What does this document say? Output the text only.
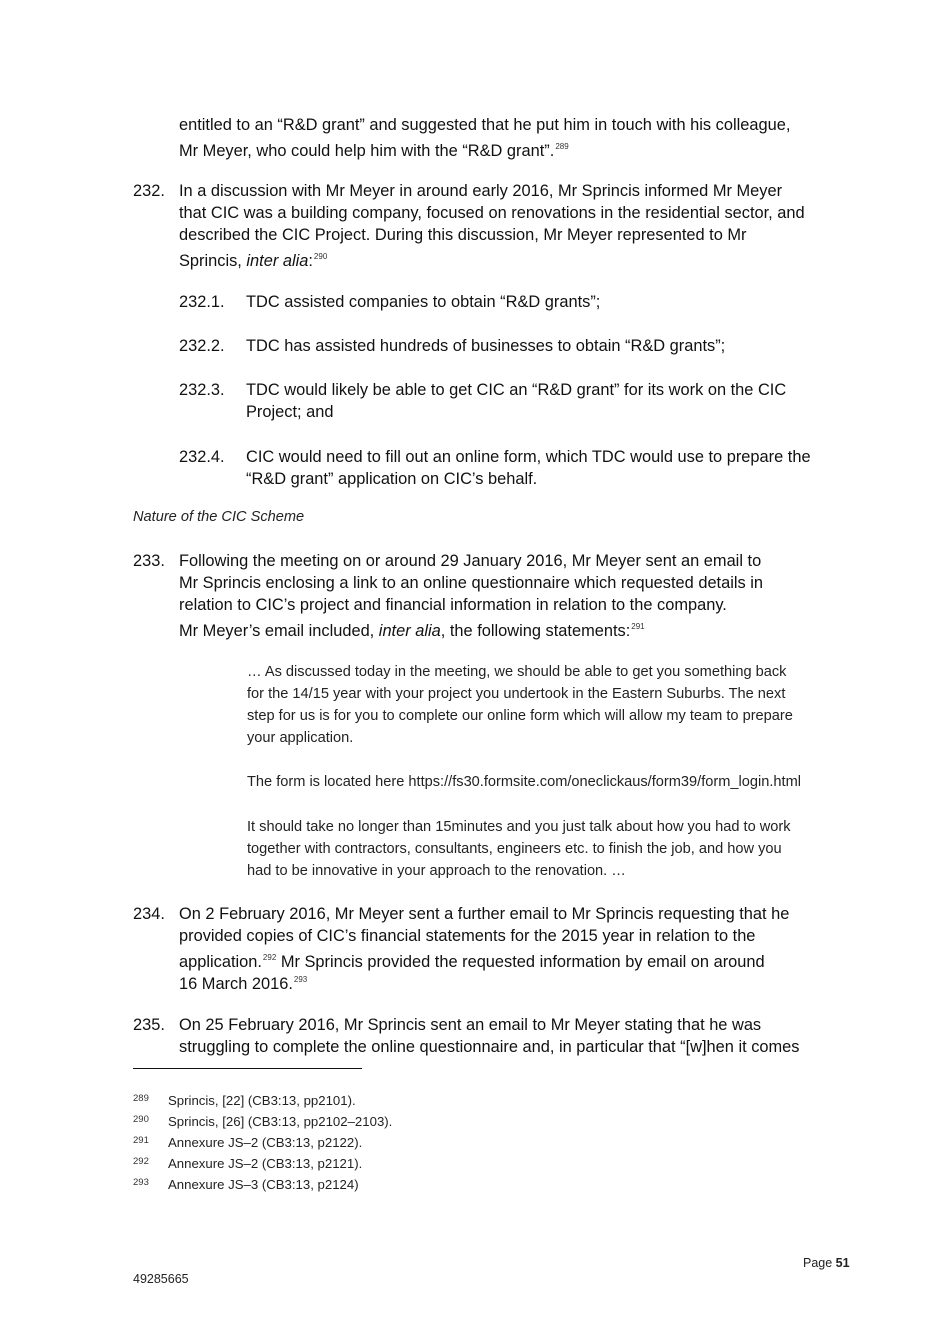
entitled to an “R&D grant” and suggested that he put him in touch with his colleague,

Mr Meyer, who could help him with the “R&D grant”.$^{289}$

232. In a discussion with Mr Meyer in around early 2016, Mr Sprincis informed Mr Meyer

that CIC was a building company, focused on renovations in the residential sector, and

described the CIC Project. During this discussion, Mr Meyer represented to Mr

Sprincis, inter alia:$^{290}$

232.1. TDC assisted companies to obtain “R&D grants”;

232.2. TDC has assisted hundreds of businesses to obtain “R&D grants”;

232.3. TDC would likely be able to get CIC an “R&D grant” for its work on the CIC

Project; and

232.4. CIC would need to fill out an online form, which TDC would use to prepare the

“R&D grant” application on CIC’s behalf.

Nature of the CIC Scheme
233. Following the meeting on or around 29 January 2016, Mr Meyer sent an email to

Mr Sprincis enclosing a link to an online questionnaire which requested details in

relation to CIC’s project and financial information in relation to the company.

Mr Meyer’s email included, inter alia, the following statements:$^{291}$

… As discussed today in the meeting, we should be able to get you something back

for the 14/15 year with your project you undertook in the Eastern Suburbs. The next

step for us is for you to complete our online form which will allow my team to prepare

your application.

The form is located here https://fs30.formsite.com/oneclickaus/form39/form_login.html

It should take no longer than 15minutes and you just talk about how you had to work

together with contractors, consultants, engineers etc. to finish the job, and how you

had to be innovative in your approach to the renovation. …

234. On 2 February 2016, Mr Meyer sent a further email to Mr Sprincis requesting that he

provided copies of CIC’s financial statements for the 2015 year in relation to the

application.$^{292}$ Mr Sprincis provided the requested information by email on around

16 March 2016.$^{293}$

235. On 25 February 2016, Mr Sprincis sent an email to Mr Meyer stating that he was

struggling to complete the online questionnaire and, in particular that “[w]hen it comes

289 Sprincis, [22] (CB3:13, pp2101).
290 Sprincis, [26] (CB3:13, pp2102–2103).
291 Annexure JS–2 (CB3:13, p2122).
292 Annexure JS–2 (CB3:13, p2121).
293 Annexure JS–3 (CB3:13, p2124)
Page 51
49285665
